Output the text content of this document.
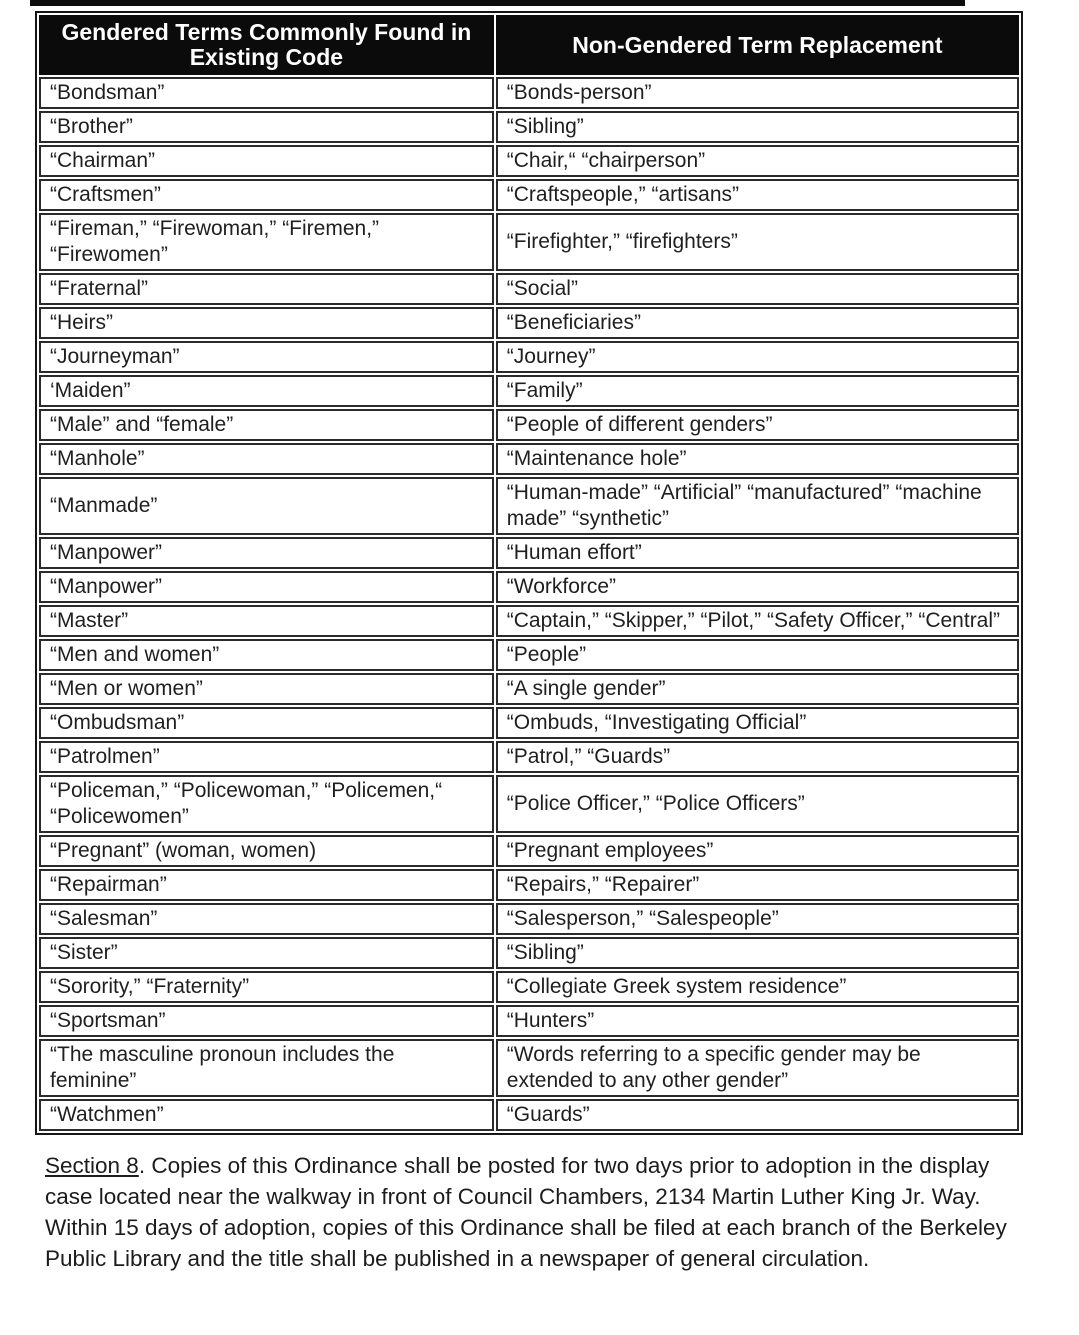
Gendered Terms Commonly Found in Existing Code	Non-Gendered Term Replacement
“Bondsman”	“Bonds-person”
“Brother”	“Sibling”
“Chairman”	“Chair,“ “chairperson”
“Craftsmen”	“Craftspeople,” “artisans”
“Fireman,” “Firewoman,” “Firemen,” “Firewomen”	“Firefighter,” “firefighters”
“Fraternal”	“Social”
“Heirs”	“Beneficiaries”
“Journeyman”	“Journey”
‘Maiden”	“Family”
“Male” and “female”	“People of different genders”
“Manhole”	“Maintenance hole”
“Manmade”	“Human-made” “Artificial” “manufactured” “machine made” “synthetic”
“Manpower”	“Human effort”
“Manpower”	“Workforce”
“Master”	“Captain,” “Skipper,” “Pilot,” “Safety Officer,” “Central”
“Men and women”	“People”
“Men or women”	“A single gender”
“Ombudsman”	“Ombuds, “Investigating Official”
“Patrolmen”	“Patrol,” “Guards”
“Policeman,” “Policewoman,” “Policemen,“ “Policewomen”	“Police Officer,” “Police Officers”
“Pregnant” (woman, women)	“Pregnant employees”
“Repairman”	“Repairs,” “Repairer”
“Salesman”	“Salesperson,” “Salespeople”
“Sister”	“Sibling”
“Sorority,” “Fraternity”	“Collegiate Greek system residence”
“Sportsman”	“Hunters”
“The masculine pronoun includes the feminine”	“Words referring to a specific gender may be extended to any other gender”
“Watchmen”	“Guards”

Section 8. Copies of this Ordinance shall be posted for two days prior to adoption in the display case located near the walkway in front of Council Chambers, 2134 Martin Luther King Jr. Way. Within 15 days of adoption, copies of this Ordinance shall be filed at each branch of the Berkeley Public Library and the title shall be published in a newspaper of general circulation.
